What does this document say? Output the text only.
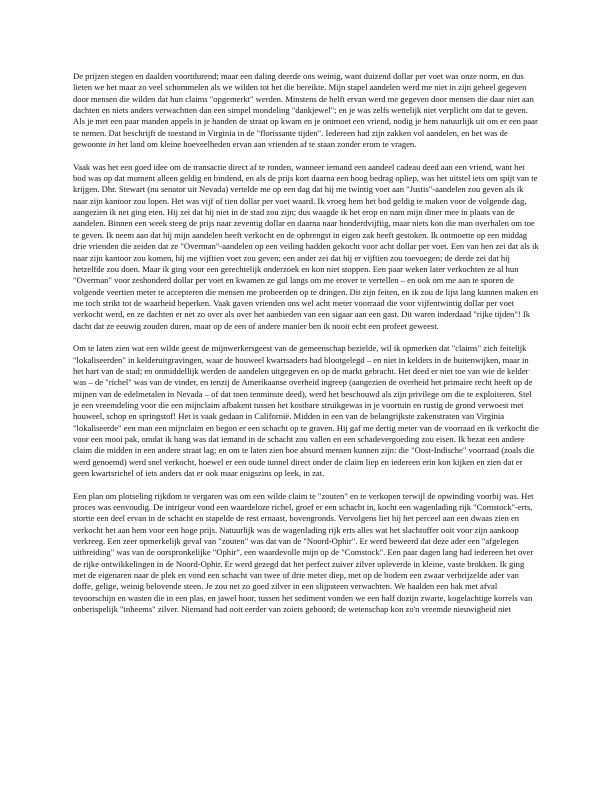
De prijzen stegen en daalden voortdurend; maar een daling deerde ons weinig, want duizend dollar per voet was onze norm, en dus lieten we het maar zo veel schommelen als we wilden tot het die bereikte. Mijn stapel aandelen werd me niet in zijn geheel gegeven door mensen die wilden dat hun claims "opgemerkt" werden. Minstens de helft ervan werd me gegeven door mensen die daar niet aan dachten en niets anders verwachtten dan een simpel mondeling "dankjewel"; en je was zelfs wettelijk niet verplicht om dat te geven. Als je met een paar manden appels in je handen de straat op kwam en je ontmoet een vriend, nodig je hem natuurlijk uit om er een paar te nemen. Dat beschrijft de toestand in Virginia in de "florissante tijden". Iedereen had zijn zakken vol aandelen, en het was de gewoonte in het land om kleine hoeveelheden ervan aan vrienden af te staan zonder erom te vragen.

Vaak was het een goed idee om de transactie direct af te ronden, wanneer iemand een aandeel cadeau deed aan een vriend, want het bod was op dat moment alleen geldig en bindend, en als de prijs kort daarna een hoog bedrag opliep, was het uitstel iets om spijt van te krijgen. Dhr. Stewart (nu senator uit Nevada) vertelde me op een dag dat hij me twintig voet aan "Justis"-aandelen zou geven als ik naar zijn kantoor zou lopen. Het was vijf of tien dollar per voet waard. Ik vroeg hem het bod geldig te maken voor de volgende dag, aangezien ik net ging eten. Hij zei dat hij niet in de stad zou zijn; dus waagde ik het erop en nam mijn diner mee in plaats van de aandelen. Binnen een week steeg de prijs naar zeventig dollar en daarna naar honderdvijftig, maar niets kon die man overhalen om toe te geven. Ik neem aan dat hij mijn aandelen heeft verkocht en de opbrengst in eigen zak heeft gestoken. Ik ontmoette op een middag drie vrienden die zeiden dat ze "Overman"-aandelen op een veiling hadden gekocht voor acht dollar per voet. Een van hen zei dat als ik naar zijn kantoor zou komen, hij me vijftien voet zou geven; een ander zei dat hij er vijftien zou toevoegen; de derde zei dat hij hetzelfde zou doen. Maar ik ging voor een gerechtelijk onderzoek en kon niet stoppen. Een paar weken later verkochten ze al hun "Overman" voor zeshonderd dollar per voet en kwamen ze gul langs om me erover te vertellen – en ook om me aan te sporen de volgende veertien meter te accepteren die mensen me probeerden op te dringen. Dit zijn feiten, en ik zou de lijst lang kunnen maken en me toch strikt tot de waarheid beperken. Vaak gaven vrienden ons wel acht meter voorraad die voor vijfentwintig dollar per voet verkocht werd, en ze dachten er net zo over als over het aanbieden van een sigaar aan een gast. Dit waren inderdaad "rijke tijden"! Ik dacht dat ze eeuwig zouden duren, maar op de een of andere manier ben ik nooit echt een profeet geweest.

Om te laten zien wat een wilde geest de mijnwerkersgeest van de gemeenschap bezielde, wil ik opmerken dat "claims" zich feitelijk "lokaliseerden" in kelderuitgravingen, waar de houweel kwartsaders had blootgelegd – en niet in kelders in de buitenwijken, maar in het hart van de stad; en onmiddellijk werden de aandelen uitgegeven en op de markt gebracht. Het deed er niet toe van wie de kelder was – de "richel" was van de vinder, en tenzij de Amerikaanse overheid ingreep (aangezien de overheid het primaire recht heeft op de mijnen van de edelmetalen in Nevada – of dat toen tenminste deed), werd het beschouwd als zijn privilege om die te exploiteren. Stel je een vreemdeling voor die een mijnclaim afbakent tussen het kostbare struikgewas in je voortuin en rustig de grond verwoest met houweel, schop en springstof! Het is vaak gedaan in Californië. Midden in een van de belangrijkste zakenstraten van Virginia "lokaliseerde" een man een mijnclaim en begon er een schacht op te graven. Hij gaf me dertig meter van de voorraad en ik verkocht die voor een mooi pak, omdat ik bang was dat iemand in de schacht zou vallen en een schadevergoeding zou eisen. Ik bezat een andere claim die midden in een andere straat lag; en om te laten zien hoe absurd mensen kunnen zijn: die "Oost-Indische" voorraad (zoals die werd genoemd) werd snel verkocht, hoewel er een oude tunnel direct onder de claim liep en iedereen erin kon kijken en zien dat er geen kwartsrichel of iets anders dat er ook maar enigszins op leek, in zat.

Een plan om plotseling rijkdom te vergaren was om een wilde claim te "zouten" en te verkopen terwijl de opwinding voorbij was. Het proces was eenvoudig. De intrigeur vond een waardeloze richel, groef er een schacht in, kocht een wagenlading rijk "Comstock"-erts, stortte een deel ervan in de schacht en stapelde de rest ernaast, bovengronds. Vervolgens liet hij het perceel aan een dwaas zien en verkocht het aan hem voor een hoge prijs. Natuurlijk was de wagenlading rijk erts alles wat het slachtoffer ooit voor zijn aankoop verkreeg. Een zeer opmerkelijk geval van "zouten" was dat van de "Noord-Ophir". Er werd beweerd dat deze ader een "afgelegen uitbreiding" was van de oorspronkelijke "Ophir", een waardevolle mijn op de "Comstock". Een paar dagen lang had iedereen het over de rijke ontwikkelingen in de Noord-Ophir. Er werd gezegd dat het perfect zuiver zilver opleverde in kleine, vaste brokken. Ik ging met de eigenaren naar de plek en vond een schacht van twee of drie meter diep, met op de bodem een zwaar verbrijzelde ader van doffe, gelige, weinig belovende steen. Je zou net zo goed zilver in een slijpsteen verwachten. We haalden een bak met afval tevoorschijn en wasten die in een plas, en jawel hoor, tussen het sediment vonden we een half dozijn zwarte, kogelachtige korrels van onberispelijk "inheems" zilver. Niemand had ooit eerder van zoiets gehoord; de wetenschap kon zo'n vreemde nieuwigheid niet
